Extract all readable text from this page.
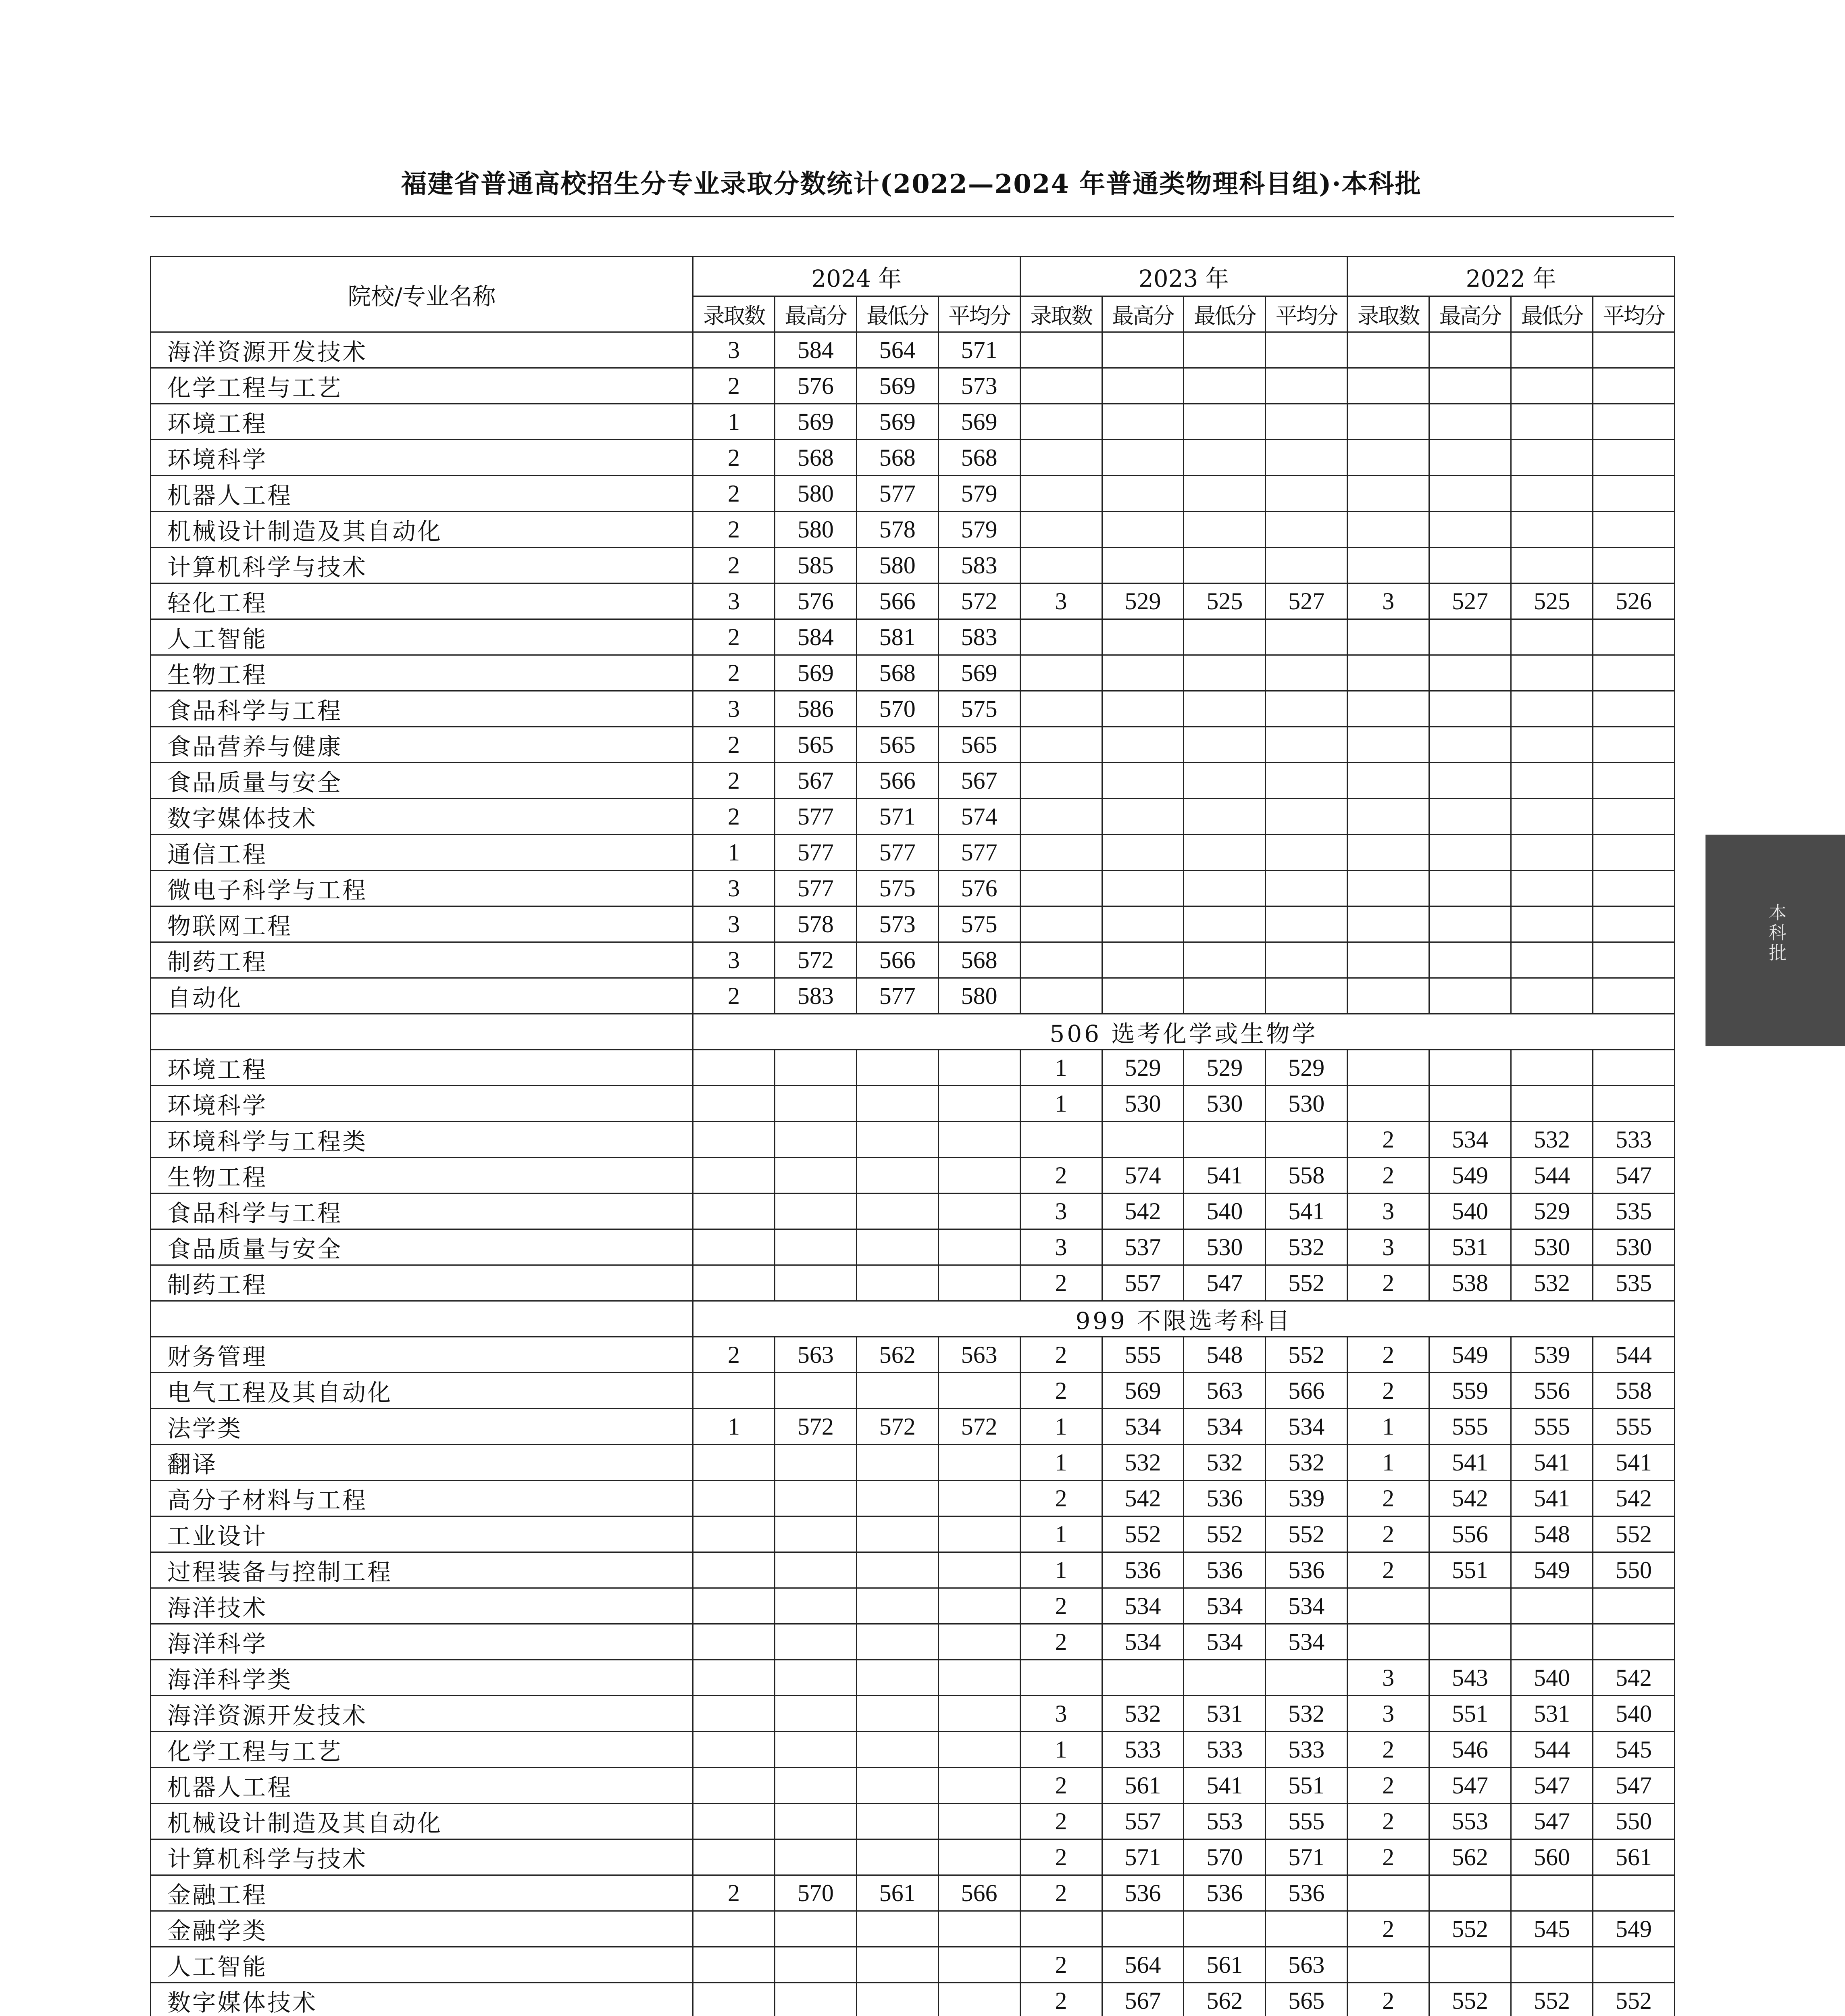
福建省普通高校招生分专业录取分数统计(2022—2024 年普通类物理科目组)·本科批
院校/专业名称	2024 年				2023 年				2022 年			
	录取数	最高分	最低分	平均分	录取数	最高分	最低分	平均分	录取数	最高分	最低分	平均分
海洋资源开发技术	3	584	564	571								
化学工程与工艺	2	576	569	573								
环境工程	1	569	569	569								
环境科学	2	568	568	568								
机器人工程	2	580	577	579								
机械设计制造及其自动化	2	580	578	579								
计算机科学与技术	2	585	580	583								
轻化工程	3	576	566	572	3	529	525	527	3	527	525	526
人工智能	2	584	581	583								
生物工程	2	569	568	569								
食品科学与工程	3	586	570	575								
食品营养与健康	2	565	565	565								
食品质量与安全	2	567	566	567								
数字媒体技术	2	577	571	574								
通信工程	1	577	577	577								
微电子科学与工程	3	577	575	576								
物联网工程	3	578	573	575								
制药工程	3	572	566	568								
自动化	2	583	577	580								
	506 选考化学或生物学											
环境工程					1	529	529	529				
环境科学					1	530	530	530				
环境科学与工程类									2	534	532	533
生物工程					2	574	541	558	2	549	544	547
食品科学与工程					3	542	540	541	3	540	529	535
食品质量与安全					3	537	530	532	3	531	530	530
制药工程					2	557	547	552	2	538	532	535
	999 不限选考科目											
财务管理	2	563	562	563	2	555	548	552	2	549	539	544
电气工程及其自动化					2	569	563	566	2	559	556	558
法学类	1	572	572	572	1	534	534	534	1	555	555	555
翻译					1	532	532	532	1	541	541	541
高分子材料与工程					2	542	536	539	2	542	541	542
工业设计					1	552	552	552	2	556	548	552
过程装备与控制工程					1	536	536	536	2	551	549	550
海洋技术					2	534	534	534				
海洋科学					2	534	534	534				
海洋科学类									3	543	540	542
海洋资源开发技术					3	532	531	532	3	551	531	540
化学工程与工艺					1	533	533	533	2	546	544	545
机器人工程					2	561	541	551	2	547	547	547
机械设计制造及其自动化					2	557	553	555	2	553	547	550
计算机科学与技术					2	571	570	571	2	562	560	561
金融工程	2	570	561	566	2	536	536	536				
金融学类									2	552	545	549
人工智能					2	564	561	563				
数字媒体技术					2	567	562	565	2	552	552	552

本科批
